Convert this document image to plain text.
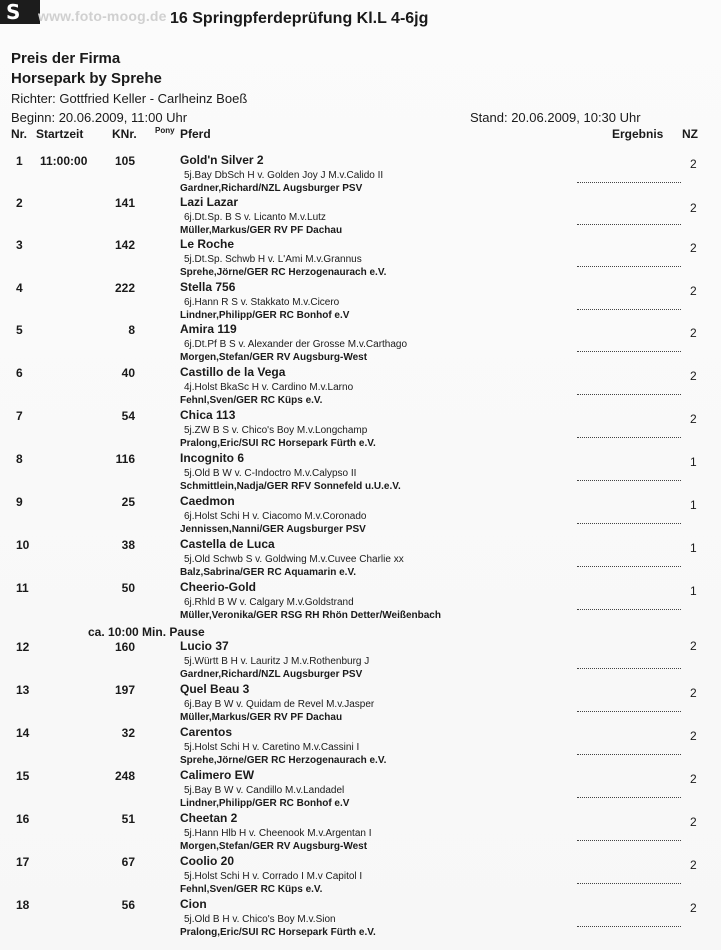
S www.foto-moog.de 16 Springpferdeprüfung Kl.L 4-6jg
Preis der Firma
Horsepark by Sprehe
Richter: Gottfried Keller - Carlheinz Boeß
Beginn: 20.06.2009, 11:00 Uhr	Stand: 20.06.2009, 10:30 Uhr
Nr. Startzeit KNr. Pony Pferd	Ergebnis NZ
1 11:00:00	105	Gold'n Silver 2
5j.Bay DbSch H v. Golden Joy J M.v.Calido II
Gardner,Richard/NZL Augsburger PSV
2
2	141	Lazi Lazar
6j.Dt.Sp. B S v. Licanto M.v.Lutz
Müller,Markus/GER RV PF Dachau
2
3	142	Le Roche
5j.Dt.Sp. Schwb H v. L'Ami M.v.Grannus
Sprehe,Jörne/GER RC Herzogenaurach e.V.
2
4	222	Stella 756
6j.Hann R S v. Stakkato M.v.Cicero
Lindner,Philipp/GER RC Bonhof e.V
2
5	8	Amira 119
6j.Dt.Pf B S v. Alexander der Grosse M.v.Carthago
Morgen,Stefan/GER RV Augsburg-West
2
6	40	Castillo de la Vega
4j.Holst BkaSc H v. Cardino M.v.Larno
Fehnl,Sven/GER RC Küps e.V.
2
7	54	Chica 113
5j.ZW B S v. Chico's Boy M.v.Longchamp
Pralong,Eric/SUI RC Horsepark Fürth e.V.
2
8	116	Incognito 6
5j.Old B W v. C-Indoctro M.v.Calypso II
Schmittlein,Nadja/GER RFV Sonnefeld u.U.e.V.
1
9	25	Caedmon
6j.Holst Schi H v. Ciacomo M.v.Coronado
Jennissen,Nanni/GER Augsburger PSV
1
10	38	Castella de Luca
5j.Old Schwb S v. Goldwing M.v.Cuvee Charlie xx
Balz,Sabrina/GER RC Aquamarin e.V.
1
11	50	Cheerio-Gold
6j.Rhld B W v. Calgary M.v.Goldstrand
Müller,Veronika/GER RSG RH Rhön Detter/Weißenbach
1
12	160	Lucio 37
5j.Württ B H v. Lauritz J M.v.Rothenburg J
Gardner,Richard/NZL Augsburger PSV
2
13	197	Quel Beau 3
6j.Bay B W v. Quidam de Revel M.v.Jasper
Müller,Markus/GER RV PF Dachau
2
14	32	Carentos
5j.Holst Schi H v. Caretino M.v.Cassini I
Sprehe,Jörne/GER RC Herzogenaurach e.V.
2
15	248	Calimero EW
5j.Bay B W v. Candillo M.v.Landadel
Lindner,Philipp/GER RC Bonhof e.V
2
16	51	Cheetan 2
5j.Hann Hlb H v. Cheenook M.v.Argentan I
Morgen,Stefan/GER RV Augsburg-West
2
17	67	Coolio 20
5j.Holst Schi H v. Corrado I M.v Capitol I
Fehnl,Sven/GER RC Küps e.V.
2
18	56	Cion
5j.Old B H v. Chico's Boy M.v.Sion
Pralong,Eric/SUI RC Horsepark Fürth e.V.
2
ca. 10:00 Min. Pause
